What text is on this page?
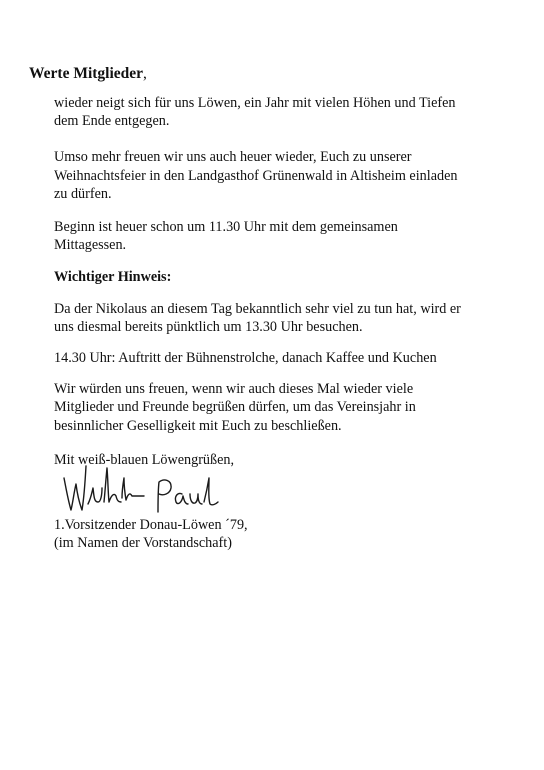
Werte Mitglieder,

wieder neigt sich für uns Löwen, ein Jahr mit vielen Höhen und Tiefen
dem Ende entgegen.

Umso mehr freuen wir uns auch heuer wieder, Euch zu unserer
Weihnachtsfeier in den Landgasthof Grünenwald in Altisheim einladen
zu dürfen.

Beginn ist heuer schon um 11.30 Uhr mit dem gemeinsamen
Mittagessen.

Wichtiger Hinweis:

Da der Nikolaus an diesem Tag bekanntlich sehr viel zu tun hat, wird er
uns diesmal bereits pünktlich um 13.30 Uhr besuchen.

14.30 Uhr: Auftritt der Bühnenstrolche, danach Kaffee und Kuchen

Wir würden uns freuen, wenn wir auch dieses Mal wieder viele
Mitglieder und Freunde begrüßen dürfen, um das Vereinsjahr in
besinnlicher Geselligkeit mit Euch zu beschließen.

Mit weiß-blauen Löwengrüßen,

1.Vorsitzender Donau-Löwen ´79,
(im Namen der Vorstandschaft)
